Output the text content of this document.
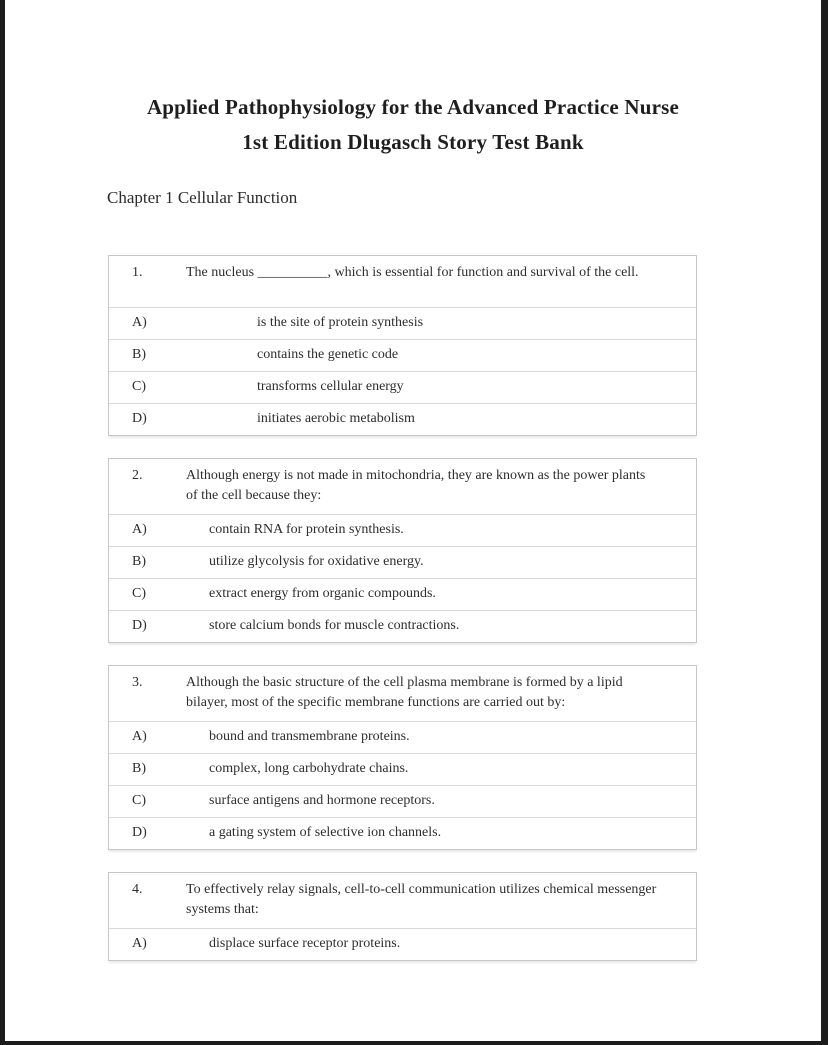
Applied Pathophysiology for the Advanced Practice Nurse
1st Edition Dlugasch Story Test Bank
Chapter 1 Cellular Function
1.	The nucleus __________, which is essential for function and survival of the cell.
A)	is the site of protein synthesis
B)	contains the genetic code
C)	transforms cellular energy
D)	initiates aerobic metabolism
2.	Although energy is not made in mitochondria, they are known as the power plants of the cell because they:
A)	contain RNA for protein synthesis.
B)	utilize glycolysis for oxidative energy.
C)	extract energy from organic compounds.
D)	store calcium bonds for muscle contractions.
3.	Although the basic structure of the cell plasma membrane is formed by a lipid bilayer, most of the specific membrane functions are carried out by:
A)	bound and transmembrane proteins.
B)	complex, long carbohydrate chains.
C)	surface antigens and hormone receptors.
D)	a gating system of selective ion channels.
4.	To effectively relay signals, cell-to-cell communication utilizes chemical messenger systems that:
A)	displace surface receptor proteins.
